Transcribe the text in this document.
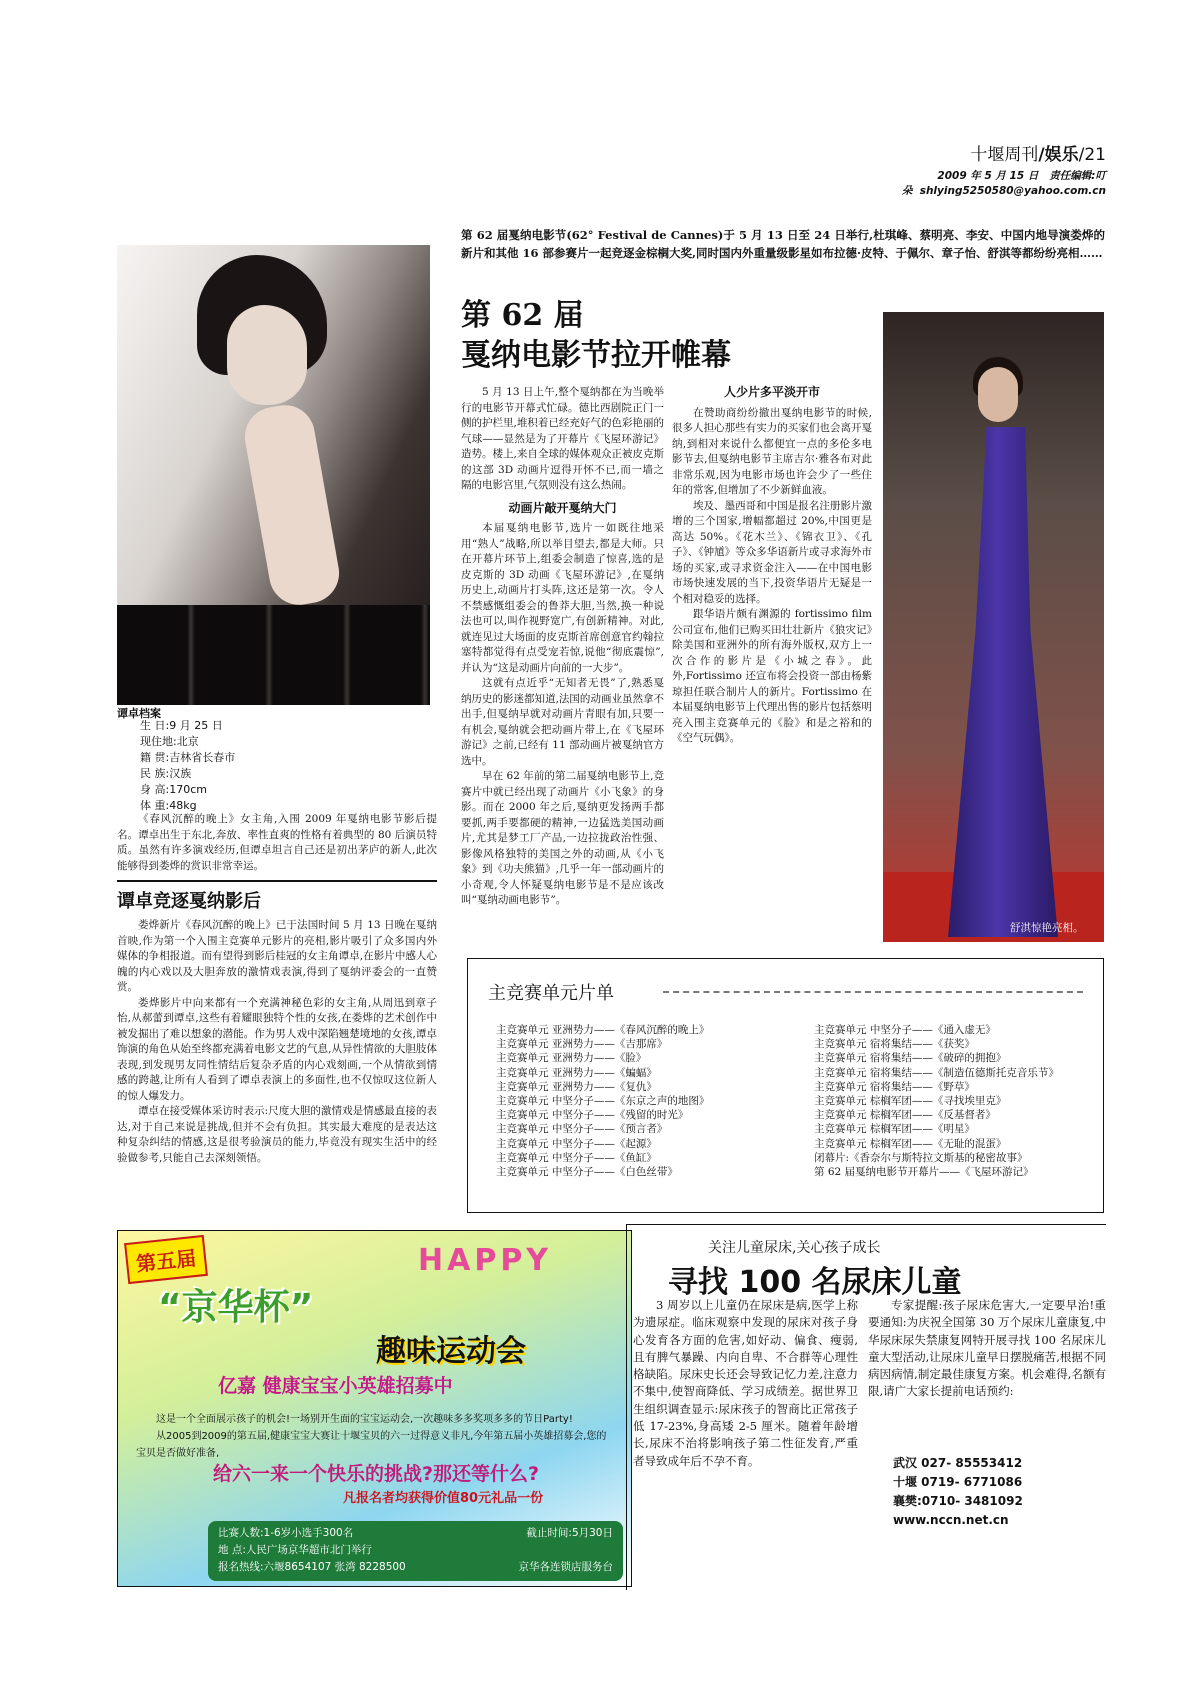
十堰周刊/娱乐/21
2009 年 5 月 15 日 责任编辑:叮朵 shlying5250580@yahoo.com.cn
第 62 届戛纳电影节(62° Festival de Cannes)于 5 月 13 日至 24 日举行,杜琪峰、蔡明亮、李安、中国内地导演娄烨的新片和其他 16 部参赛片一起竞逐金棕榈大奖,同时国内外重量级影星如布拉德·皮特、于佩尔、章子怡、舒淇等都纷纷亮相……
第 62 届
戛纳电影节拉开帷幕

5 月 13 日上午,整个戛纳都在为当晚举行的电影节开幕式忙碌。德比西剧院正门一侧的护栏里,堆积着已经充好气的色彩艳丽的气球——显然是为了开幕片《飞屋环游记》造势。楼上,来自全球的媒体观众正被皮克斯的这部 3D 动画片逗得开怀不已,而一墙之隔的电影宫里,气氛则没有这么热闹。

动画片敲开戛纳大门

本届戛纳电影节,选片一如既往地采用“熟人”战略,所以举目望去,都是大师。只在开幕片环节上,组委会制造了惊喜,选的是皮克斯的 3D 动画《飞屋环游记》,在戛纳历史上,动画片打头阵,这还是第一次。令人不禁感慨组委会的鲁莽大胆,当然,换一种说法也可以,叫作视野宽广,有创新精神。对此,就连见过大场面的皮克斯首席创意官约翰拉塞特都觉得有点受宠若惊,说他“彻底震惊”,并认为“这是动画片向前的一大步”。

这就有点近乎“无知者无畏”了,熟悉戛纳历史的影迷都知道,法国的动画业虽然拿不出手,但戛纳早就对动画片青眼有加,只要一有机会,戛纳就会把动画片带上,在《飞屋环游记》之前,已经有 11 部动画片被戛纳官方选中。

早在 62 年前的第二届戛纳电影节上,竞赛片中就已经出现了动画片《小飞象》的身影。而在 2000 年之后,戛纳更发扬两手都要抓,两手要都硬的精神,一边猛选美国动画片,尤其是梦工厂产品,一边拉拢政治性强、影像风格独特的美国之外的动画,从《小飞象》到《功夫熊猫》,几乎一年一部动画片的小奇观,令人怀疑戛纳电影节是不是应该改叫“戛纳动画电影节”。

人少片多平淡开市

在赞助商纷纷撤出戛纳电影节的时候,很多人担心那些有实力的买家们也会离开戛纳,到相对来说什么都便宜一点的多伦多电影节去,但戛纳电影节主席吉尔·雅各布对此非常乐观,因为电影市场也许会少了一些住年的常客,但增加了不少新鲜血液。

埃及、墨西哥和中国是报名注册影片激增的三个国家,增幅都超过 20%,中国更是高达 50%。《花木兰》、《锦衣卫》、《孔子》、《钟馗》等众多华语新片或寻求海外市场的买家,或寻求资金注入——在中国电影市场快速发展的当下,投资华语片无疑是一个相对稳妥的选择。

跟华语片颇有渊源的 fortissimo film 公司宣布,他们已购买田壮壮新片《狼灾记》除美国和亚洲外的所有海外版权,双方上一次合作的影片是《小城之春》。此外,Fortissimo 还宣布将会投资一部由杨紫琼担任联合制片人的新片。Fortissimo 在本届戛纳电影节上代理出售的影片包括蔡明亮入围主竞赛单元的《脸》和是之裕和的《空气玩偶》。

舒淇惊艳亮相。
谭卓档案
生 日:9 月 25 日
现住地:北京
籍 贯:吉林省长春市
民 族:汉族
身 高:170cm
体 重:48kg

《春风沉醉的晚上》女主角,入围 2009 年戛纳电影节影后提名。谭卓出生于东北,奔放、率性直爽的性格有着典型的 80 后演员特质。虽然有许多演戏经历,但谭卓坦言自己还是初出茅庐的新人,此次能够得到娄烨的赏识非常幸运。

谭卓竞逐戛纳影后

娄烨新片《春风沉醉的晚上》已于法国时间 5 月 13 日晚在戛纳首映,作为第一个入围主竞赛单元影片的亮相,影片吸引了众多国内外媒体的争相报道。而有望得到影后桂冠的女主角谭卓,在影片中感人心魄的内心戏以及大胆奔放的激情戏表演,得到了戛纳评委会的一直赞赏。

娄烨影片中向来都有一个充满神秘色彩的女主角,从周迅到章子怡,从郝蕾到谭卓,这些有着耀眼独特个性的女孩,在娄烨的艺术创作中被发掘出了难以想象的潜能。作为男人戏中深陷翘楚境地的女孩,谭卓饰演的角色从始至终都充满着电影文艺的气息,从异性情欲的大胆肢体表现,到发现男友同性情结后复杂矛盾的内心戏刻画,一个从情欲到情感的跨越,让所有人看到了谭卓表演上的多面性,也不仅惊叹这位新人的惊人爆发力。

谭卓在接受媒体采访时表示:尺度大胆的激情戏是情感最直接的表达,对于自己来说是挑战,但并不会有负担。其实最大难度的是表达这种复杂纠结的情感,这是很考验演员的能力,毕竟没有现实生活中的经验做参考,只能自己去深刻领悟。

主竞赛单元片单
主竞赛单元 亚洲势力——《春风沉醉的晚上》
主竞赛单元 亚洲势力——《吉那席》
主竞赛单元 亚洲势力——《脸》
主竞赛单元 亚洲势力——《蝙蝠》
主竞赛单元 亚洲势力——《复仇》
主竞赛单元 中坚分子——《东京之声的地图》
主竞赛单元 中坚分子——《残留的时光》
主竞赛单元 中坚分子——《预言者》
主竞赛单元 中坚分子——《起源》
主竞赛单元 中坚分子——《鱼缸》
主竞赛单元 中坚分子——《白色丝带》
主竞赛单元 中坚分子——《通入虚无》
主竞赛单元 宿将集结——《获奖》
主竞赛单元 宿将集结——《破碎的拥抱》
主竞赛单元 宿将集结——《制造伍德斯托克音乐节》
主竞赛单元 宿将集结——《野草》
主竞赛单元 棕榈军团——《寻找埃里克》
主竞赛单元 棕榈军团——《反基督者》
主竞赛单元 棕榈军团——《明星》
主竞赛单元 棕榈军团——《无耻的混蛋》
闭幕片:《香奈尔与斯特拉文斯基的秘密故事》
第 62 届戛纳电影节开幕片——《飞屋环游记》
第五届
“京华杯”
HAPPY
趣味运动会
亿嘉 健康宝宝小英雄招募中

这是一个全面展示孩子的机会!一场别开生面的宝宝运动会,一次趣味多多奖项多多的节日Party!

从2005到2009的第五届,健康宝宝大赛让十堰宝贝的六一过得意义非凡,今年第五届小英雄招募会,您的宝贝是否做好准备,

给六一来一个快乐的挑战?那还等什么?
凡报名者均获得价值80元礼品一份
比赛人数:1-6岁小选手300名	截止时间:5月30日
地 点:人民广场京华超市北门举行
报名热线:六堰8654107 张湾 8228500	京华各连锁店服务台
关注儿童尿床,关心孩子成长
寻找 100 名尿床儿童
3 周岁以上儿童仍在尿床是病,医学上称为遗尿症。临床观察中发现的尿床对孩子身心发育各方面的危害,如好动、偏食、瘦弱,且有脾气暴躁、内向自卑、不合群等心理性格缺陷。尿床史长还会导致记忆力差,注意力不集中,使智商降低、学习成绩差。据世界卫生组织调查显示:尿床孩子的智商比正常孩子低 17-23%,身高矮 2-5 厘米。随着年龄增长,尿床不治将影响孩子第二性征发育,严重者导致成年后不孕不育。
专家提醒:孩子尿床危害大,一定要早治!重要通知:为庆祝全国第 30 万个尿床儿童康复,中华尿床尿失禁康复网特开展寻找 100 名尿床儿童大型活动,让尿床儿童早日摆脱痛苦,根据不同病因病情,制定最佳康复方案。机会难得,名额有限,请广大家长提前电话预约:
武汉 027- 85553412
十堰 0719- 6771086
襄樊:0710- 3481092
www.nccn.net.cn
